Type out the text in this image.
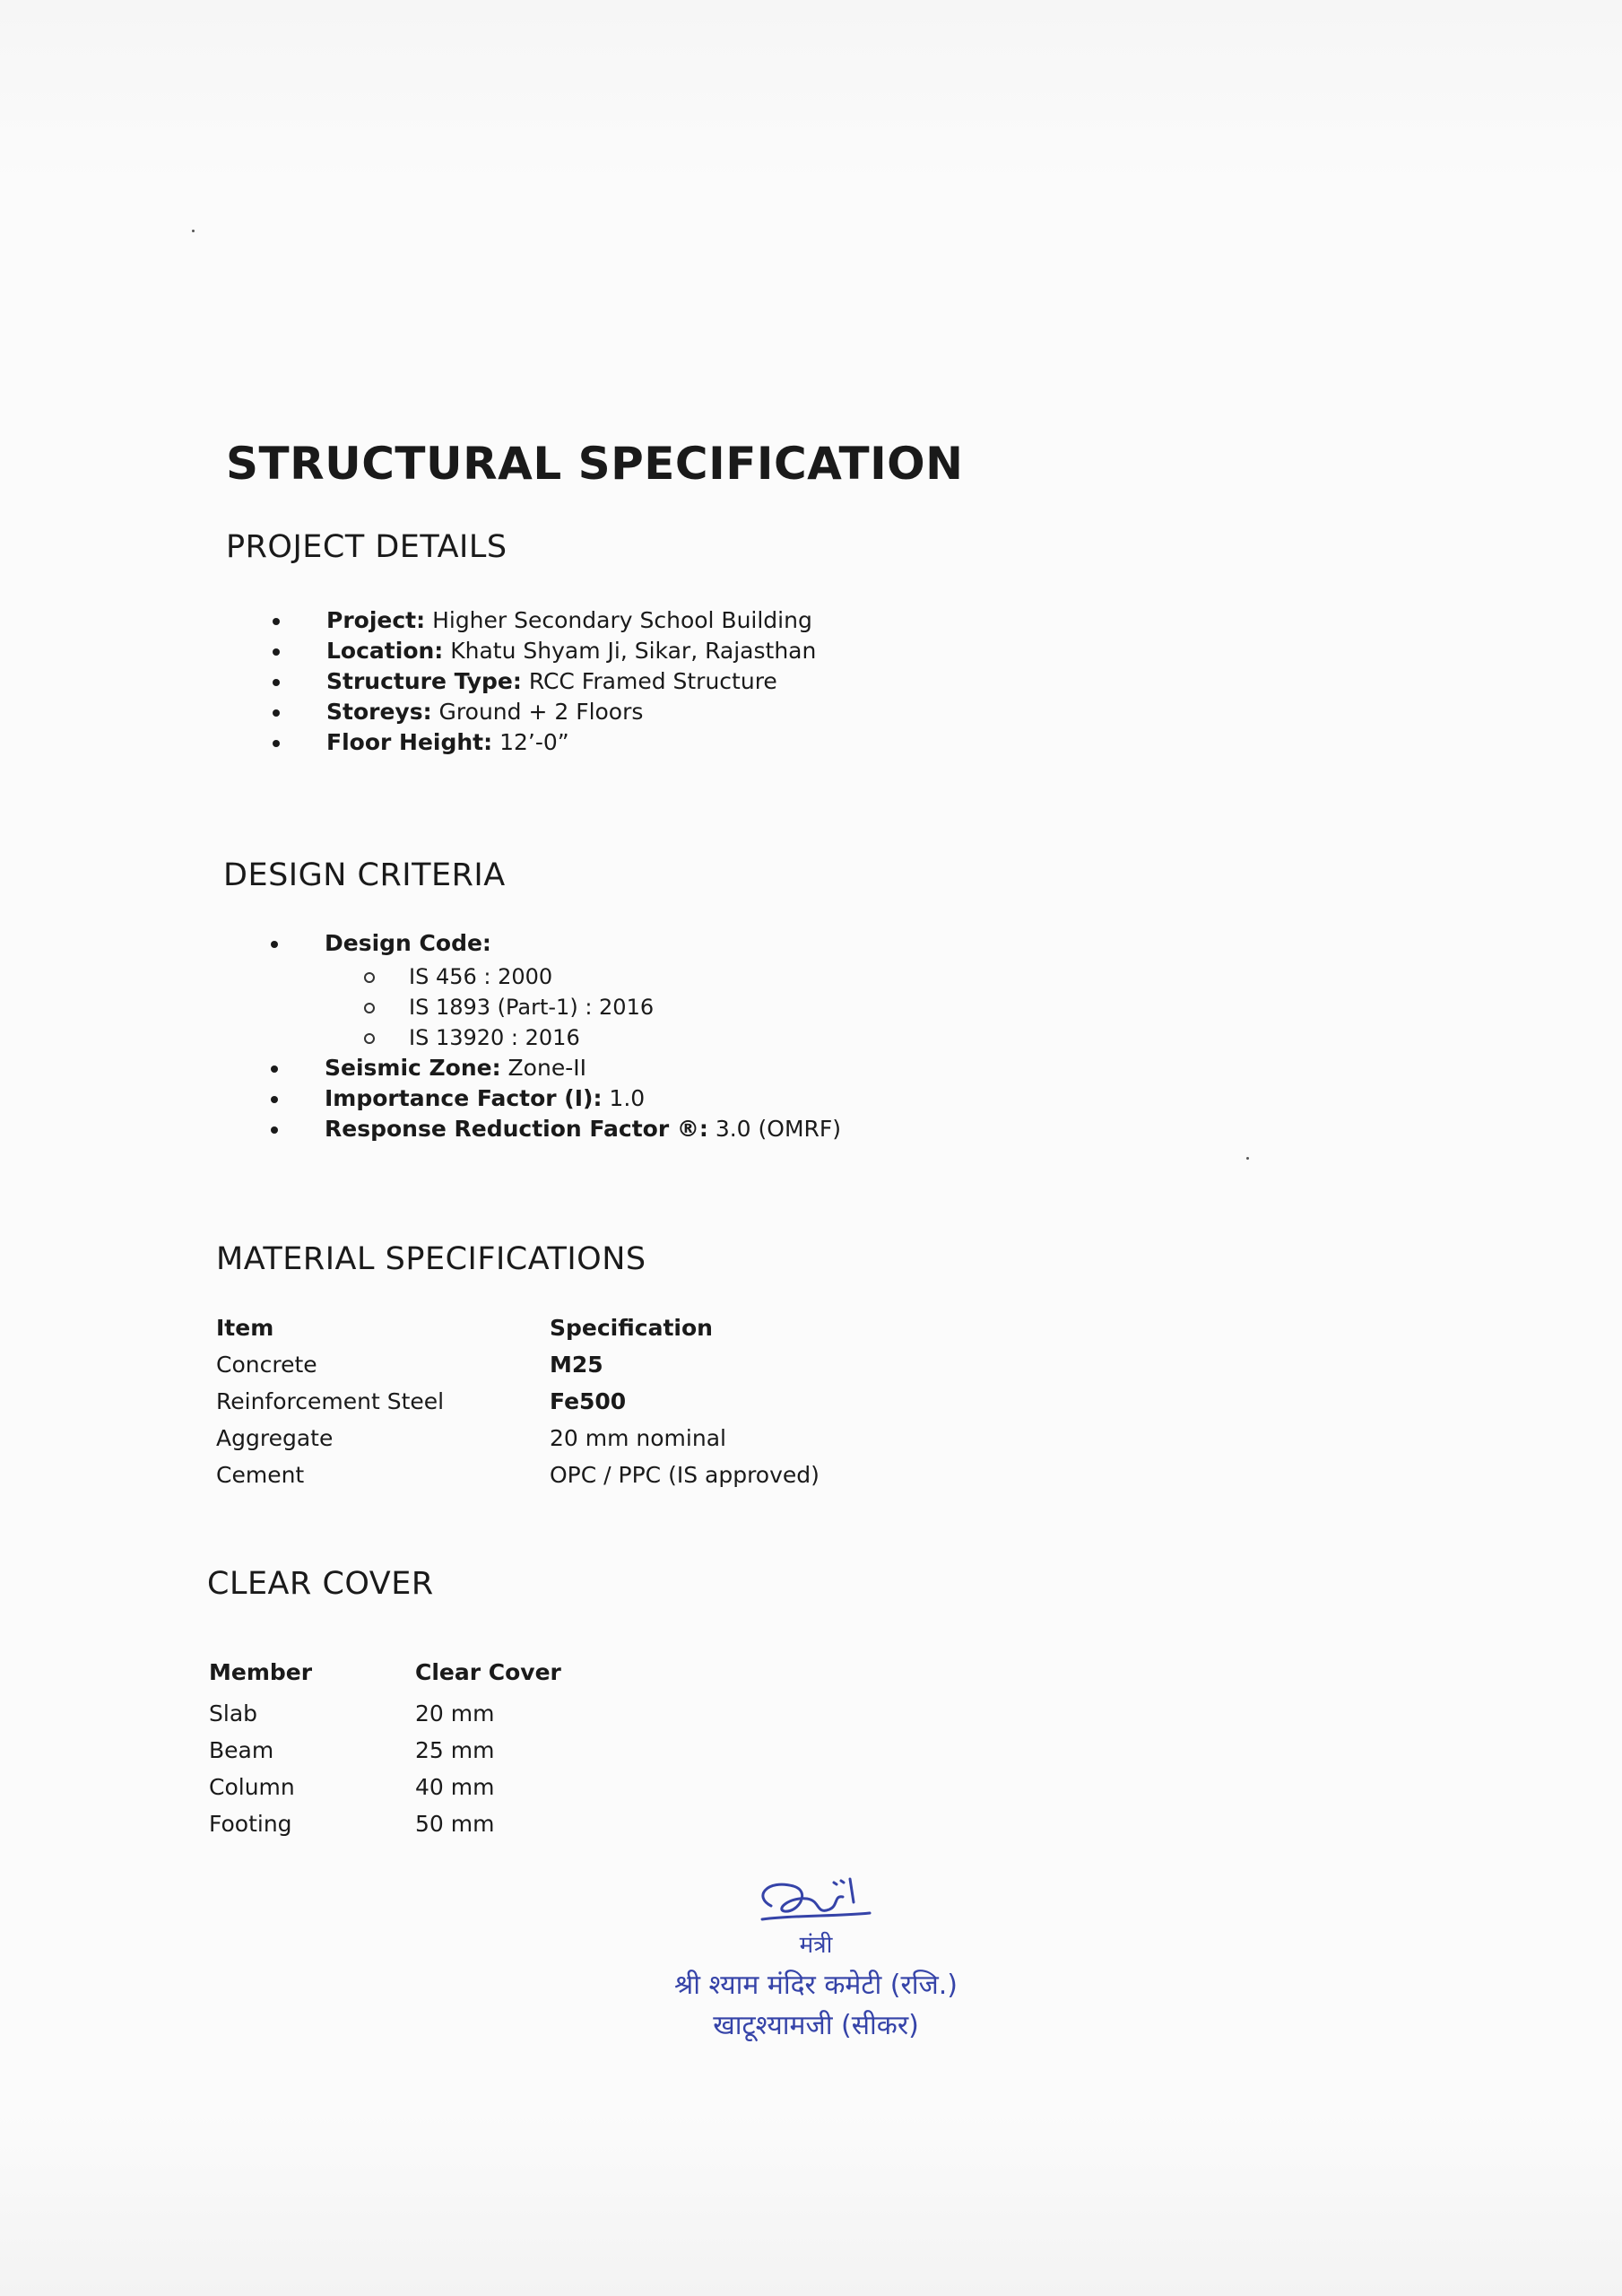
STRUCTURAL SPECIFICATION
PROJECT DETAILS
Project: Higher Secondary School Building
Location: Khatu Shyam Ji, Sikar, Rajasthan
Structure Type: RCC Framed Structure
Storeys: Ground + 2 Floors
Floor Height: 12’-0”
DESIGN CRITERIA
Design Code:
IS 456 : 2000
IS 1893 (Part-1) : 2016
IS 13920 : 2016
Seismic Zone: Zone-II
Importance Factor (I): 1.0
Response Reduction Factor ®: 3.0 (OMRF)
MATERIAL SPECIFICATIONS
Item	Specification
Concrete	M25
Reinforcement Steel	Fe500
Aggregate	20 mm nominal
Cement	OPC / PPC (IS approved)
CLEAR COVER
Member	Clear Cover
Slab	20 mm
Beam	25 mm
Column	40 mm
Footing	50 mm
मंत्री
श्री श्याम मंदिर कमेटी (रजि.)
खाटूश्यामजी (सीकर)
